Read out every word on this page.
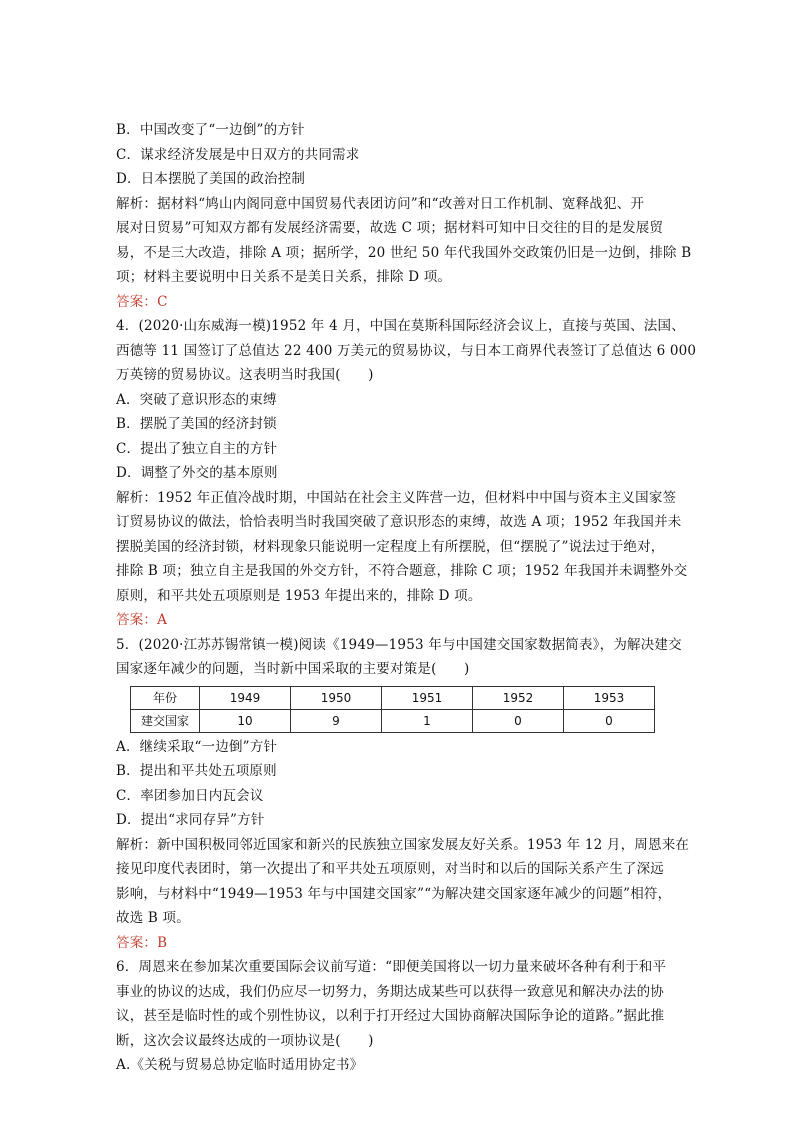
B．中国改变了“一边倒”的方针
C．谋求经济发展是中日双方的共同需求
D．日本摆脱了美国的政治控制
解析：据材料“鸠山内阁同意中国贸易代表团访问”和“改善对日工作机制、宽释战犯、开
展对日贸易”可知双方都有发展经济需要，故选 C 项；据材料可知中日交往的目的是发展贸
易，不是三大改造，排除 A 项；据所学，20 世纪 50 年代我国外交政策仍旧是一边倒，排除 B
项；材料主要说明中日关系不是美日关系，排除 D 项。
答案：C
4．(2020·山东威海一模)1952 年 4 月，中国在莫斯科国际经济会议上，直接与英国、法国、
西德等 11 国签订了总值达 22 400 万美元的贸易协议，与日本工商界代表签订了总值达 6 000
万英镑的贸易协议。这表明当时我国(　　)
A．突破了意识形态的束缚
B．摆脱了美国的经济封锁
C．提出了独立自主的方针
D．调整了外交的基本原则
解析：1952 年正值冷战时期，中国站在社会主义阵营一边，但材料中中国与资本主义国家签
订贸易协议的做法，恰恰表明当时我国突破了意识形态的束缚，故选 A 项；1952 年我国并未
摆脱美国的经济封锁，材料现象只能说明一定程度上有所摆脱，但“摆脱了”说法过于绝对，
排除 B 项；独立自主是我国的外交方针，不符合题意，排除 C 项；1952 年我国并未调整外交
原则，和平共处五项原则是 1953 年提出来的，排除 D 项。
答案：A
5．(2020·江苏苏锡常镇一模)阅读《1949—1953 年与中国建交国家数据简表》，为解决建交
国家逐年减少的问题，当时新中国采取的主要对策是(　　)
年份	1949	1950	1951	1952	1953
建交国家	10	9	1	0	0
A．继续采取“一边倒”方针
B．提出和平共处五项原则
C．率团参加日内瓦会议
D．提出“求同存异”方针
解析：新中国积极同邻近国家和新兴的民族独立国家发展友好关系。1953 年 12 月，周恩来在
接见印度代表团时，第一次提出了和平共处五项原则，对当时和以后的国际关系产生了深远
影响，与材料中“1949—1953 年与中国建交国家”“为解决建交国家逐年减少的问题”相符，
故选 B 项。
答案：B
6．周恩来在参加某次重要国际会议前写道：“即便美国将以一切力量来破坏各种有利于和平
事业的协议的达成，我们仍应尽一切努力，务期达成某些可以获得一致意见和解决办法的协
议，甚至是临时性的或个别性协议，以利于打开经过大国协商解决国际争论的道路。”据此推
断，这次会议最终达成的一项协议是(　　)
A.《关税与贸易总协定临时适用协定书》
